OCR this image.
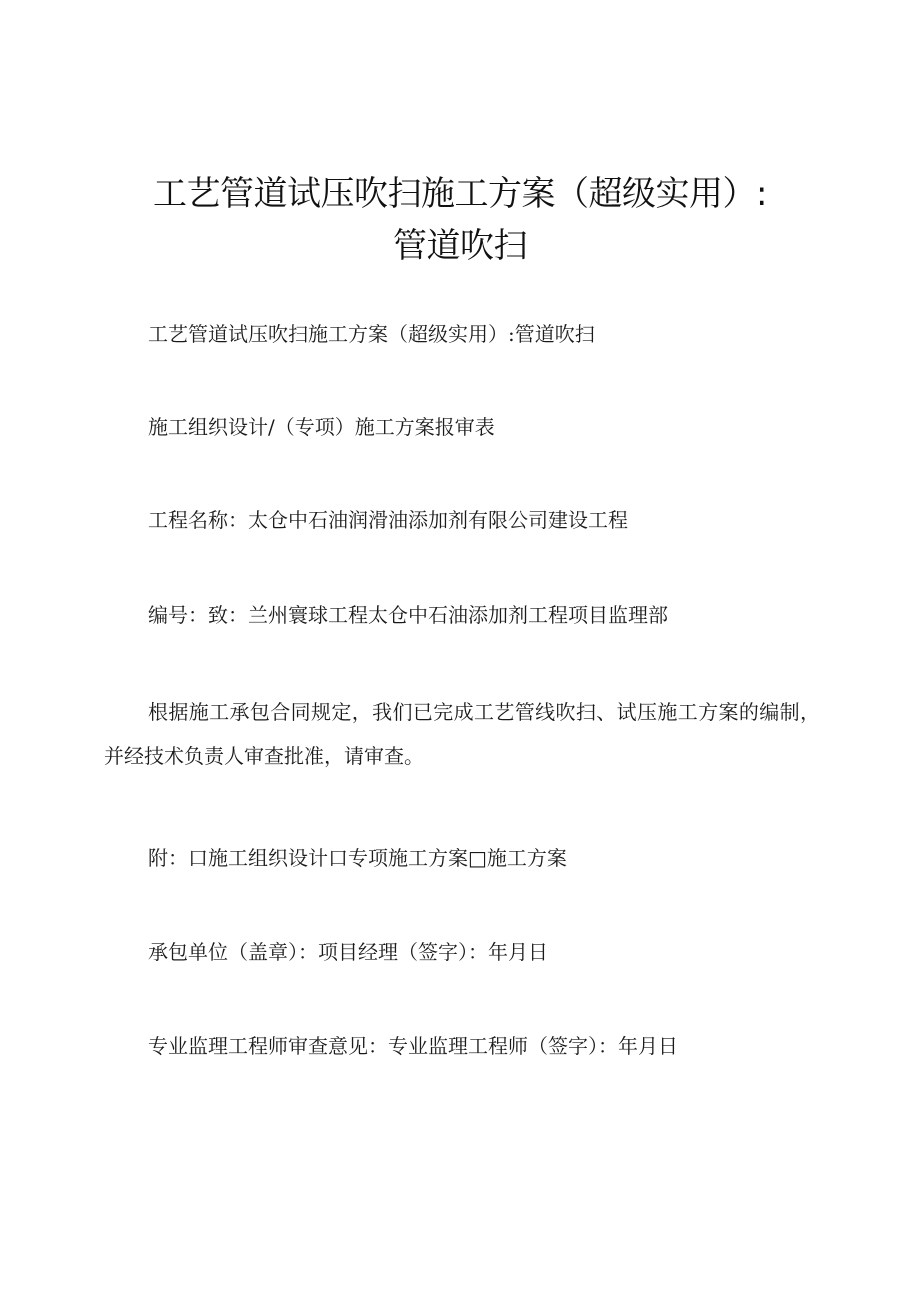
工艺管道试压吹扫施工方案（超级实用）:
管道吹扫

工艺管道试压吹扫施工方案（超级实用）:管道吹扫

施工组织设计/（专项）施工方案报审表

工程名称：太仓中石油润滑油添加剂有限公司建设工程

编号：致：兰州寰球工程太仓中石油添加剂工程项目监理部

根据施工承包合同规定，我们已完成工艺管线吹扫、试压施工方案的编制，并经技术负责人审查批准，请审查。

附：口施工组织设计口专项施工方案□施工方案

承包单位（盖章）：项目经理（签字）：年月日

专业监理工程师审查意见：专业监理工程师（签字）：年月日
